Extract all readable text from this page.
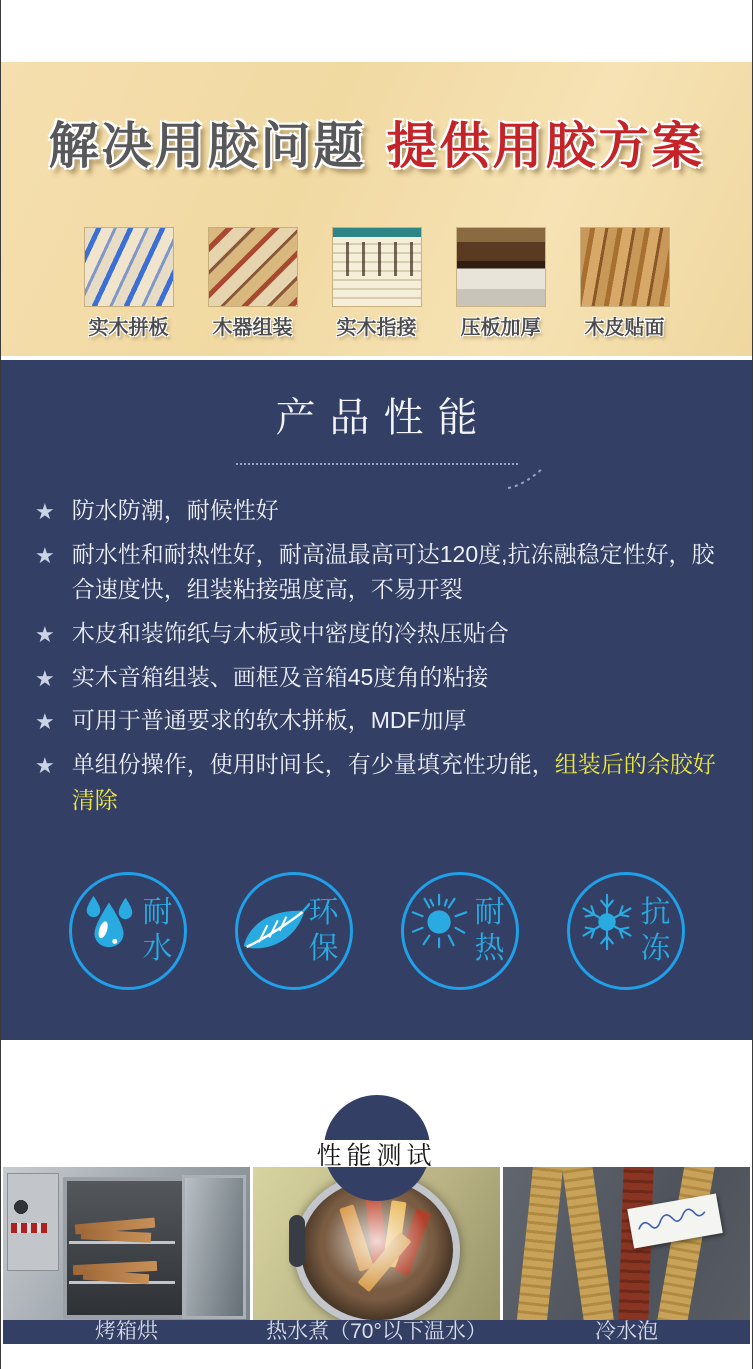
解决用胶问题 提供用胶方案
实木拼板 木器组装 实木指接 压板加厚 木皮贴面
产品性能
★ 防水防潮，耐候性好
★ 耐水性和耐热性好，耐高温最高可达120度,抗冻融稳定性好，胶合速度快，组装粘接强度高，不易开裂
★ 木皮和装饰纸与木板或中密度的冷热压贴合
★ 实木音箱组装、画框及音箱45度角的粘接
★ 可用于普通要求的软木拼板，MDF加厚
★ 单组份操作，使用时间长，有少量填充性功能，组装后的余胶好清除
耐水
环保
耐热
抗冻
性能测试
烤箱烘	热水煮（70°以下温水）	冷水泡
